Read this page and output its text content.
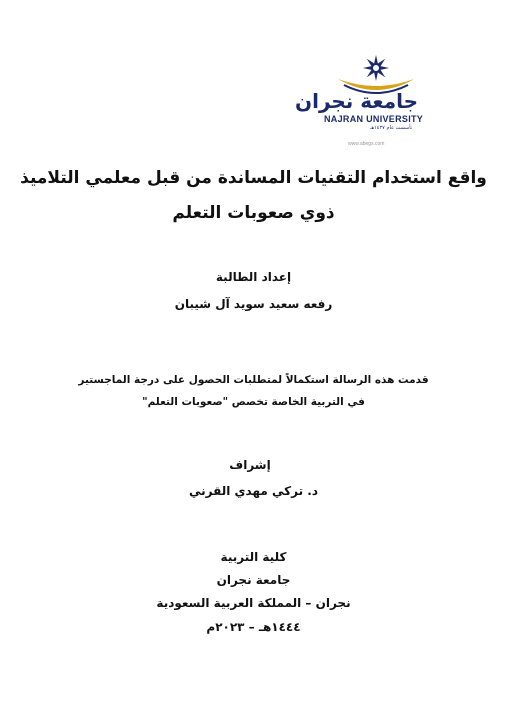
جامعة نجران
NAJRAN UNIVERSITY
تأسست عام ١٤٢٧هـ
www.abegs.com
واقع استخدام التقنيات المساندة من قبل معلمي التلاميذ
ذوي صعوبات التعلم
إعداد الطالبة
رفعه سعيد سويد آل شيبان
قدمت هذه الرسالة استكمالاً لمتطلبات الحصول على درجة الماجستير
في التربية الخاصة تخصص "صعوبات التعلم"
إشراف
د. تركي مهدي القرني
كلية التربية
جامعة نجران
نجران – المملكة العربية السعودية
١٤٤٤هـ – ٢٠٢٣م
